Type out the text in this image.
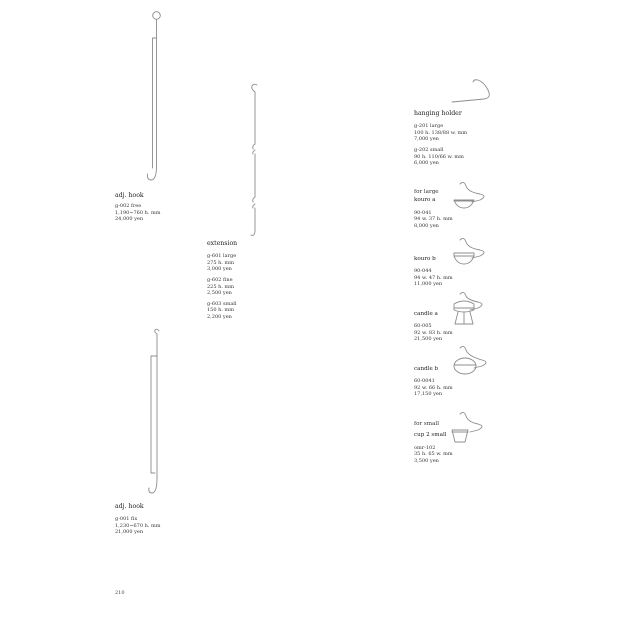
adj. hook
g-002 free
1,190~760 h. mm
24,000 yen
extension
g-601 large
275 h. mm
3,000 yen
g-602 fine
225 h. mm
2,500 yen
g-603 small
150 h. mm
2,200 yen
hanging holder
g-201 large
100 h. 138/88 w. mm
7,000 yen
g-202 small
90 h. 110/66 w. mm
6,000 yen
for large
kouro a
90-041
94 w. 37 h. mm
8,000 yen
kouro b
90-044
94 w. 47 h. mm
11,000 yen
candle a
60-005
92 w. 83 h. mm
21,500 yen
candle b
60-0041
92 w. 66 h. mm
17,150 yen
for small
cup 2 small
omr-102
35 h. 65 w. mm
3,500 yen
adj. hook
g-001 fix
1,230~670 h. mm
21,000 yen
210
